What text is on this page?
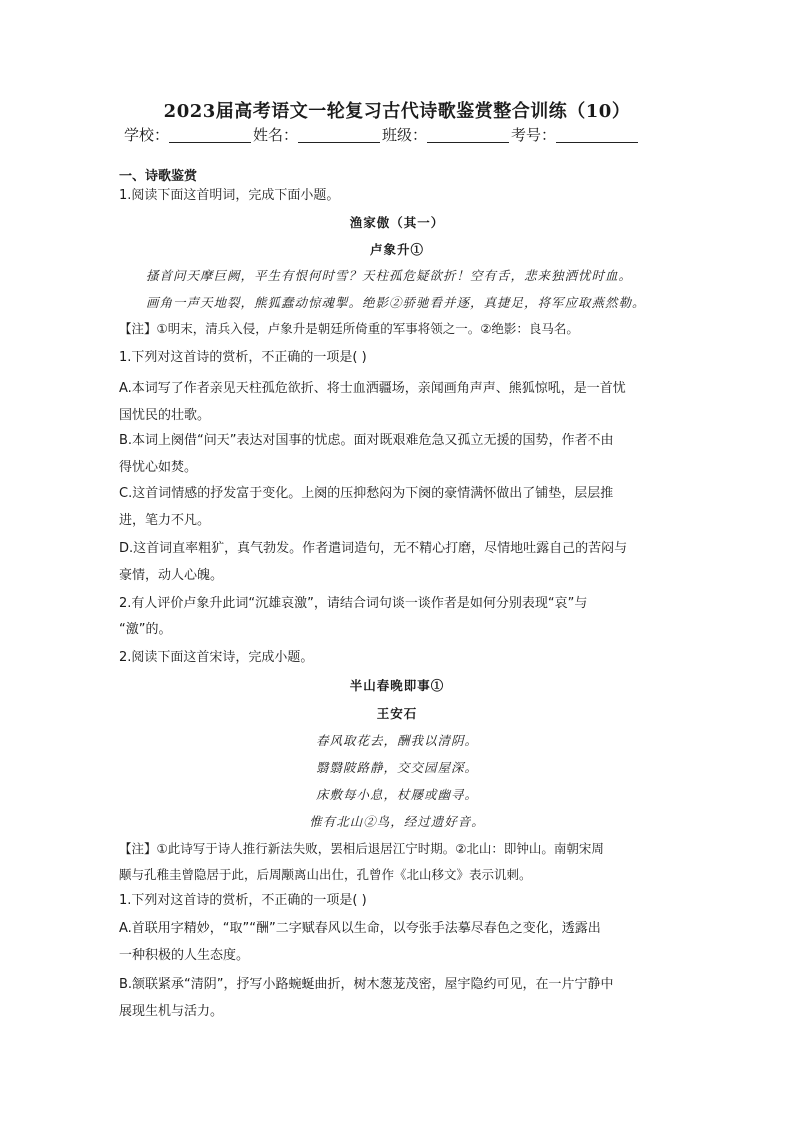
2023届高考语文一轮复习古代诗歌鉴赏整合训练（10）
学校：	姓名：	班级：	考号：
一、诗歌鉴赏
1.阅读下面这首明词，完成下面小题。
渔家傲（其一）
卢象升①
搔首问天摩巨阙，平生有恨何时雪？天柱孤危疑欲折！空有舌，悲来独洒忧时血。
画角一声天地裂，熊狐蠢动惊魂掣。绝影②骄驰看并逐，真捷足，将军应取燕然勒。
【注】①明末，清兵入侵，卢象升是朝廷所倚重的军事将领之一。②绝影：良马名。
1.下列对这首诗的赏析，不正确的一项是( )
A.本词写了作者亲见天柱孤危欲折、将士血洒疆场，亲闻画角声声、熊狐惊吼，是一首忧
国忧民的壮歌。
B.本词上阕借“问天”表达对国事的忧虑。面对既艰难危急又孤立无援的国势，作者不由
得忧心如焚。
C.这首词情感的抒发富于变化。上阕的压抑愁闷为下阕的豪情满怀做出了铺垫，层层推
进，笔力不凡。
D.这首词直率粗犷，真气勃发。作者遣词造句，无不精心打磨，尽情地吐露自己的苦闷与
豪情，动人心魄。
2.有人评价卢象升此词“沉雄哀激”，请结合词句谈一谈作者是如何分别表现“哀”与
“激”的。
2.阅读下面这首宋诗，完成小题。
半山春晚即事①
王安石
春风取花去，酬我以清阴。
翳翳陂路静，交交园屋深。
床敷每小息，杖屦或幽寻。
惟有北山②鸟，经过遗好音。
【注】①此诗写于诗人推行新法失败，罢相后退居江宁时期。②北山：即钟山。南朝宋周
颙与孔稚圭曾隐居于此，后周颙离山出仕，孔曾作《北山移文》表示讥刺。
1.下列对这首诗的赏析，不正确的一项是( )
A.首联用字精妙，“取”“酬”二字赋春风以生命，以夸张手法摹尽春色之变化，透露出
一种积极的人生态度。
B.颔联紧承“清阴”，抒写小路蜿蜒曲折，树木葱茏茂密，屋宇隐约可见，在一片宁静中
展现生机与活力。
